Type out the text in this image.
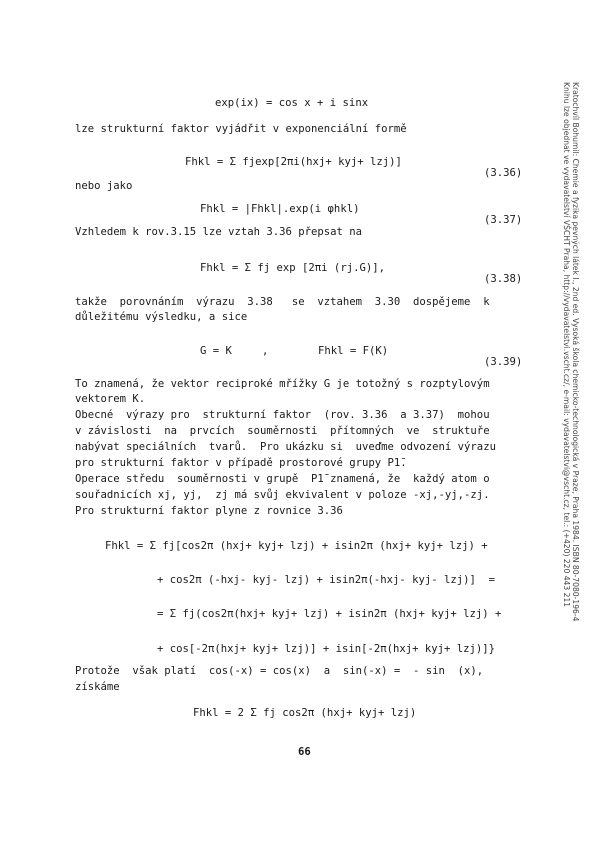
Kratochvíl Bohumil: Chemie a fyzika pevných látek I., 2nd ed. Vysoká škola chemicko-technologická v Praze, Praha 1984. ISBN 80-7080-196-4
Knihu lze objednat ve vydavatelství VŠCHT Praha, http://vydavatelstvi.vscht.cz/, e-mail: vydavatelstvi@vscht.cz, tel.: (+420) 220 443 211

exp(ix) = cos x + i sinx

lze strukturní faktor vyjádřit v exponenciální formě

Fhkl = Σ fjexp[2πi(hxj+ kyj+ lzj)]

(3.36)

nebo jako

Fhkl = |Fhkl|.exp(i φhkl)

(3.37)

Vzhledem k rov.3.15 lze vztah 3.36 přepsat na

Fhkl = Σ fj exp [2πi (rj.G)],

(3.38)

takže  porovnáním  výrazu  3.38   se  vztahem  3.30  dospějeme  k

důležitému výsledku, a sice

G = K	,	Fhkl = F(K)

(3.39)

To znamená, že vektor reciproké mřížky G je totožný s rozptylovým

vektorem K.

Obecné  výrazy pro  strukturní faktor  (rov. 3.36  a 3.37)  mohou

v závislosti  na  prvcích  souměrnosti  přítomných  ve  struktuře

nabývat speciálních  tvarů.  Pro ukázku si  uveďme odvození výrazu

pro strukturní faktor v případě prostorové grupy P1̄.

Operace středu  souměrnosti v grupě  P1̄ znamená, že  každý atom o

souřadnicích xj, yj,  zj má svůj ekvivalent v poloze -xj,-yj,-zj.

Pro strukturní faktor plyne z rovnice 3.36

Fhkl = Σ fj[cos2π (hxj+ kyj+ lzj) + isin2π (hxj+ kyj+ lzj) +

+ cos2π (-hxj- kyj- lzj) + isin2π(-hxj- kyj- lzj)]  =

= Σ fj(cos2π(hxj+ kyj+ lzj) + isin2π (hxj+ kyj+ lzj) +

+ cos[-2π(hxj+ kyj+ lzj)] + isin[-2π(hxj+ kyj+ lzj)]}

Protože  však platí  cos(-x) = cos(x)  a  sin(-x) =  - sin  (x),

získáme

Fhkl = 2 Σ fj cos2π (hxj+ kyj+ lzj)

66
